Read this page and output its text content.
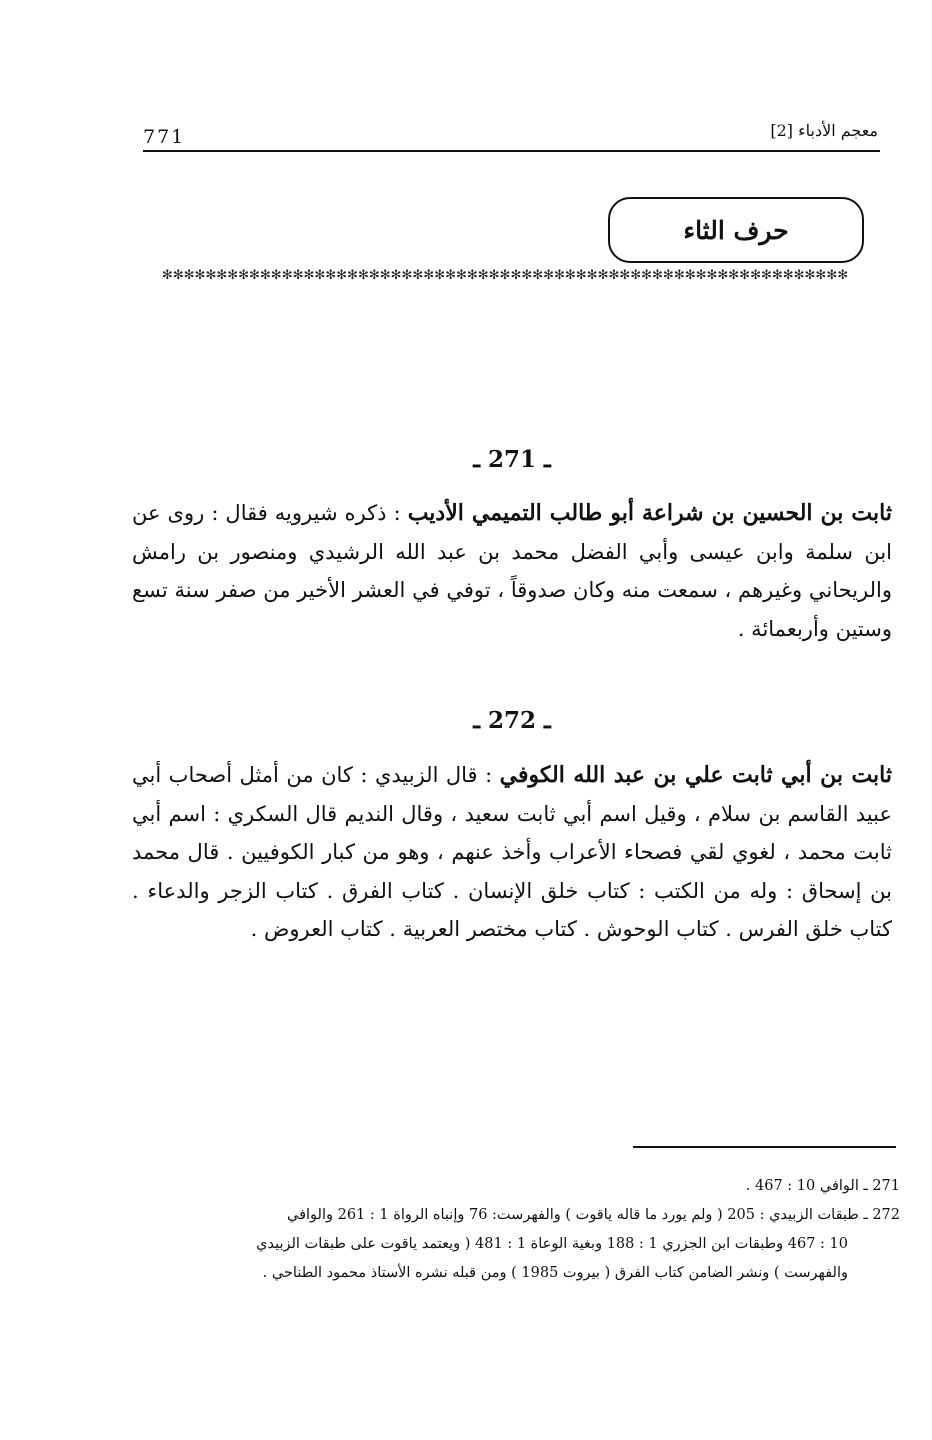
معجم الأدباء [2]
771
حرف الثاء
✻✻✻✻✻✻✻✻✻✻✻✻✻✻✻✻✻✻✻✻✻✻✻✻✻✻✻✻✻✻✻✻✻✻✻✻✻✻✻✻✻✻✻✻✻✻✻✻✻✻✻✻✻✻✻✻✻✻✻✻✻✻✻
ـ 271 ـ
ثابت بن الحسين بن شراعة أبو طالب التميمي الأديب : ذكره شيرويه فقال : روى عن ابن سلمة وابن عيسى وأبي الفضل محمد بن عبد الله الرشيدي ومنصور بن رامش والريحاني وغيرهم ، سمعت منه وكان صدوقاً ، توفي في العشر الأخير من صفر سنة تسع وستين وأربعمائة .
ـ 272 ـ
ثابت بن أبي ثابت علي بن عبد الله الكوفي : قال الزبيدي : كان من أمثل أصحاب أبي عبيد القاسم بن سلام ، وقيل اسم أبي ثابت سعيد ، وقال النديم قال السكري : اسم أبي ثابت محمد ، لغوي لقي فصحاء الأعراب وأخذ عنهم ، وهو من كبار الكوفيين . قال محمد بن إسحاق : وله من الكتب : كتاب خلق الإنسان . كتاب الفرق . كتاب الزجر والدعاء . كتاب خلق الفرس . كتاب الوحوش . كتاب مختصر العربية . كتاب العروض .

271 ـ الوافي 10 : 467 .

272 ـ طبقات الزبيدي : 205 ( ولم يورد ما قاله ياقوت ) والفهرست: 76 وإنباه الرواة 1 : 261 والوافي

10 : 467 وطبقات ابن الجزري 1 : 188 وبغية الوعاة 1 : 481 ( ويعتمد ياقوت على طبقات الزبيدي

والفهرست ) ونشر الضامن كتاب الفرق ( بيروت 1985 ) ومن قبله نشره الأستاذ محمود الطناحي .
